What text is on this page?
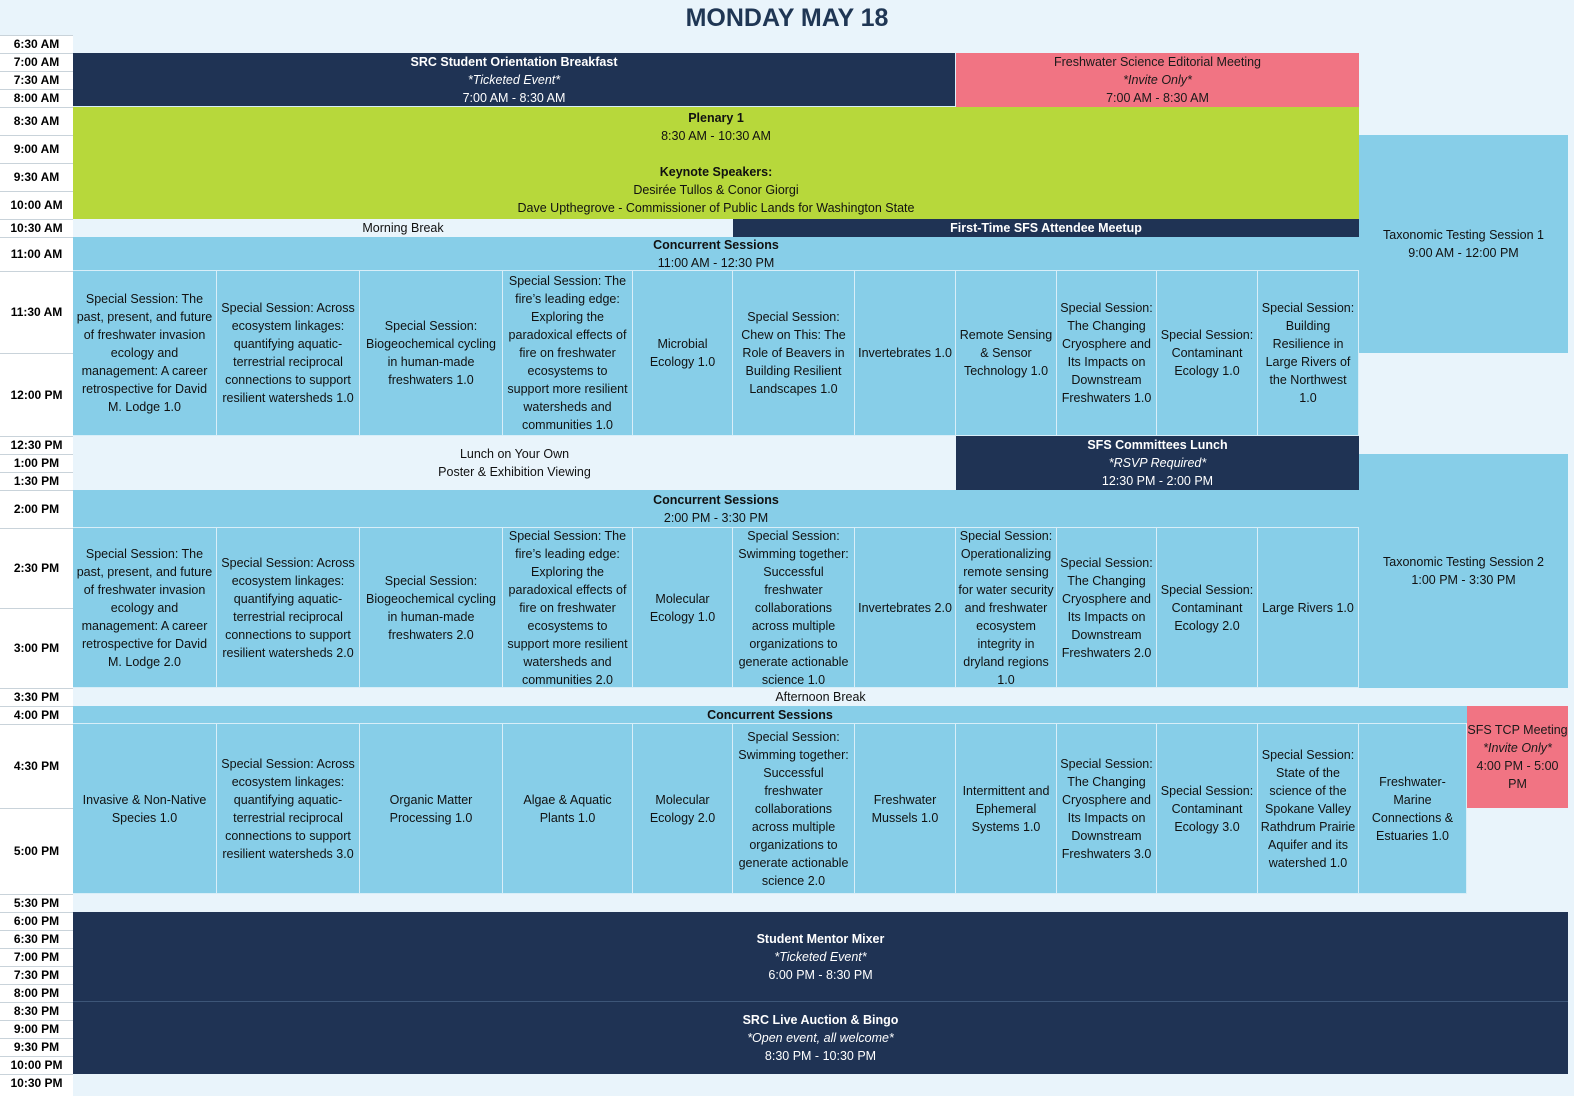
MONDAY MAY 18
6:30 AM
7:00 AM
7:30 AM
8:00 AM
8:30 AM
9:00 AM
9:30 AM
10:00 AM
10:30 AM
11:00 AM
11:30 AM
12:00 PM
12:30 PM
1:00 PM
1:30 PM
2:00 PM
2:30 PM
3:00 PM
3:30 PM
4:00 PM
4:30 PM
5:00 PM
5:30 PM
6:00 PM
6:30 PM
7:00 PM
7:30 PM
8:00 PM
8:30 PM
9:00 PM
9:30 PM
10:00 PM
10:30 PM
SRC Student Orientation Breakfast
*Ticketed Event*
7:00 AM - 8:30 AM
Freshwater Science Editorial Meeting
*Invite Only*
7:00 AM - 8:30 AM
Plenary 1
8:30 AM - 10:30 AM
Keynote Speakers:
Desirée Tullos & Conor Giorgi
Dave Upthegrove - Commissioner of Public Lands for Washington State
Taxonomic Testing Session 1
9:00 AM - 12:00 PM
Morning Break	First-Time SFS Attendee Meetup
Concurrent Sessions
11:00 AM - 12:30 PM
Special Session: The past, present, and future of freshwater invasion ecology and management: A career retrospective for David M. Lodge 1.0
Special Session: Across ecosystem linkages: quantifying aquatic-terrestrial reciprocal connections to support resilient watersheds 1.0
Special Session: Biogeochemical cycling in human-made freshwaters 1.0
Special Session: The fire’s leading edge: Exploring the paradoxical effects of fire on freshwater ecosystems to support more resilient watersheds and communities 1.0
Microbial Ecology 1.0
Special Session: Chew on This: The Role of Beavers in Building Resilient Landscapes 1.0
Invertebrates 1.0
Remote Sensing & Sensor Technology 1.0
Special Session: The Changing Cryosphere and Its Impacts on Downstream Freshwaters 1.0
Special Session: Contaminant Ecology 1.0
Special Session: Building Resilience in Large Rivers of the Northwest 1.0
Lunch on Your Own
Poster & Exhibition Viewing
SFS Committees Lunch
*RSVP Required*
12:30 PM - 2:00 PM
Taxonomic Testing Session 2
1:00 PM - 3:30 PM
Concurrent Sessions
2:00 PM - 3:30 PM
Special Session: The past, present, and future of freshwater invasion ecology and management: A career retrospective for David M. Lodge 2.0
Special Session: Across ecosystem linkages: quantifying aquatic-terrestrial reciprocal connections to support resilient watersheds 2.0
Special Session: Biogeochemical cycling in human-made freshwaters 2.0
Special Session: The fire’s leading edge: Exploring the paradoxical effects of fire on freshwater ecosystems to support more resilient watersheds and communities 2.0
Molecular Ecology 1.0
Special Session: Swimming together: Successful freshwater collaborations across multiple organizations to generate actionable science 1.0
Invertebrates 2.0
Special Session: Operationalizing remote sensing for water security and freshwater ecosystem integrity in dryland regions 1.0
Special Session: The Changing Cryosphere and Its Impacts on Downstream Freshwaters 2.0
Special Session: Contaminant Ecology 2.0
Large Rivers 1.0
Afternoon Break
Concurrent Sessions
SFS TCP Meeting
*Invite Only*
4:00 PM - 5:00 PM
Invasive & Non-Native Species 1.0
Special Session: Across ecosystem linkages: quantifying aquatic-terrestrial reciprocal connections to support resilient watersheds 3.0
Organic Matter Processing 1.0
Algae & Aquatic Plants 1.0
Molecular Ecology 2.0
Special Session: Swimming together: Successful freshwater collaborations across multiple organizations to generate actionable science 2.0
Freshwater Mussels 1.0
Intermittent and Ephemeral Systems 1.0
Special Session: The Changing Cryosphere and Its Impacts on Downstream Freshwaters 3.0
Special Session: Contaminant Ecology 3.0
Special Session: State of the science of the Spokane Valley Rathdrum Prairie Aquifer and its watershed 1.0
Freshwater-Marine Connections & Estuaries 1.0
Student Mentor Mixer
*Ticketed Event*
6:00 PM - 8:30 PM
SRC Live Auction & Bingo
*Open event, all welcome*
8:30 PM - 10:30 PM
